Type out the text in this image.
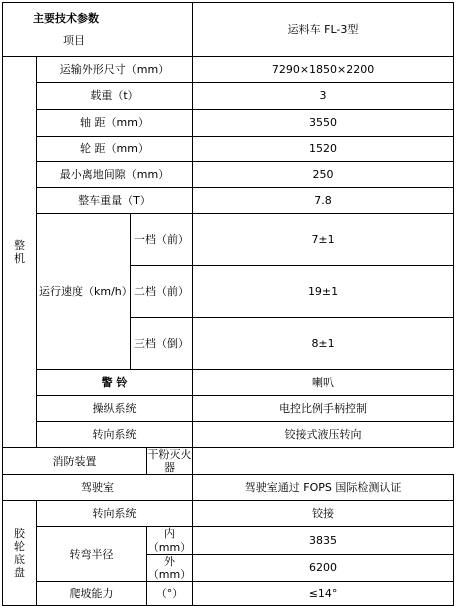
主要技术参数
项目				运料车 FL-3型

整
机	运输外形尺寸（mm）			7290×1850×2200
	载重（t）			3
	轴 距（mm）			3550
	轮 距（mm）			1520
	最小离地间隙（mm）			250
	整车重量（T）			7.8
	运行速度（km/h）	一档（前）		7±1
		二档（前）		19±1
		三档（倒）		8±1
	警 铃			喇叭
	操纵系统			电控比例手柄控制
	转向系统			铰接式液压转向
消防装置			干粉灭火器	
驾驶室				驾驶室通过 FOPS 国际检测认证

胶
轮
底
盘	转向系统			铰接
	转弯半径		内（mm）	3835
			外（mm）	6200
	爬坡能力		（°）	≤14°
